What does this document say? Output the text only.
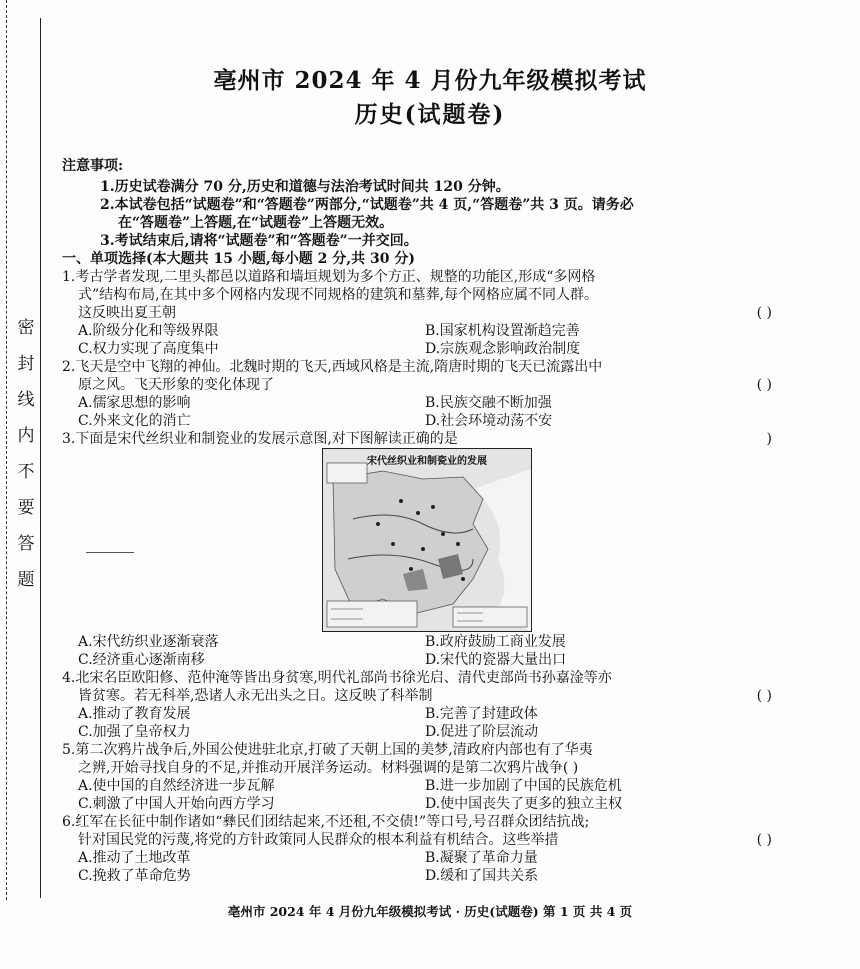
密
封
线
内
不
要
答
题
亳州市 2024 年 4 月份九年级模拟考试
历史(试题卷)
注意事项:
1.历史试卷满分 70 分,历史和道德与法治考试时间共 120 分钟。
2.本试卷包括“试题卷”和“答题卷”两部分,“试题卷”共 4 页,“答题卷”共 3 页。请务必
在“答题卷”上答题,在“试题卷”上答题无效。
3.考试结束后,请将“试题卷”和“答题卷”一并交回。
一、单项选择(本大题共 15 小题,每小题 2 分,共 30 分)
1.考古学者发现,二里头都邑以道路和墙垣规划为多个方正、规整的功能区,形成“多网格
式”结构布局,在其中多个网格内发现不同规格的建筑和墓葬,每个网格应属不同人群。
这反映出夏王朝	( )
A.阶级分化和等级界限	B.国家机构设置渐趋完善
C.权力实现了高度集中	D.宗族观念影响政治制度
2.飞天是空中飞翔的神仙。北魏时期的飞天,西域风格是主流,隋唐时期的飞天已流露出中
原之风。飞天形象的变化体现了	( )
A.儒家思想的影响	B.民族交融不断加强
C.外来文化的消亡	D.社会环境动荡不安
3.下面是宋代丝织业和制瓷业的发展示意图,对下图解读正确的是	)
宋代丝织业和制瓷业的发展
A.宋代纺织业逐渐衰落	B.政府鼓励工商业发展
C.经济重心逐渐南移	D.宋代的瓷器大量出口
4.北宋名臣欧阳修、范仲淹等皆出身贫寒,明代礼部尚书徐光启、清代吏部尚书孙嘉淦等亦
皆贫寒。若无科举,恐诸人永无出头之日。这反映了科举制	( )
A.推动了教育发展	B.完善了封建政体
C.加强了皇帝权力	D.促进了阶层流动
5.第二次鸦片战争后,外国公使进驻北京,打破了天朝上国的美梦,清政府内部也有了华夷
之辨,开始寻找自身的不足,并推动开展洋务运动。材料强调的是第二次鸦片战争( )
A.使中国的自然经济进一步瓦解	B.进一步加剧了中国的民族危机
C.刺激了中国人开始向西方学习	D.使中国丧失了更多的独立主权
6.红军在长征中制作诸如“彝民们团结起来,不还租,不交债!”等口号,号召群众团结抗战;
针对国民党的污蔑,将党的方针政策同人民群众的根本利益有机结合。这些举措	( )
A.推动了土地改革	B.凝聚了革命力量
C.挽救了革命危势	D.缓和了国共关系
亳州市 2024 年 4 月份九年级模拟考试 · 历史(试题卷) 第 1 页 共 4 页
